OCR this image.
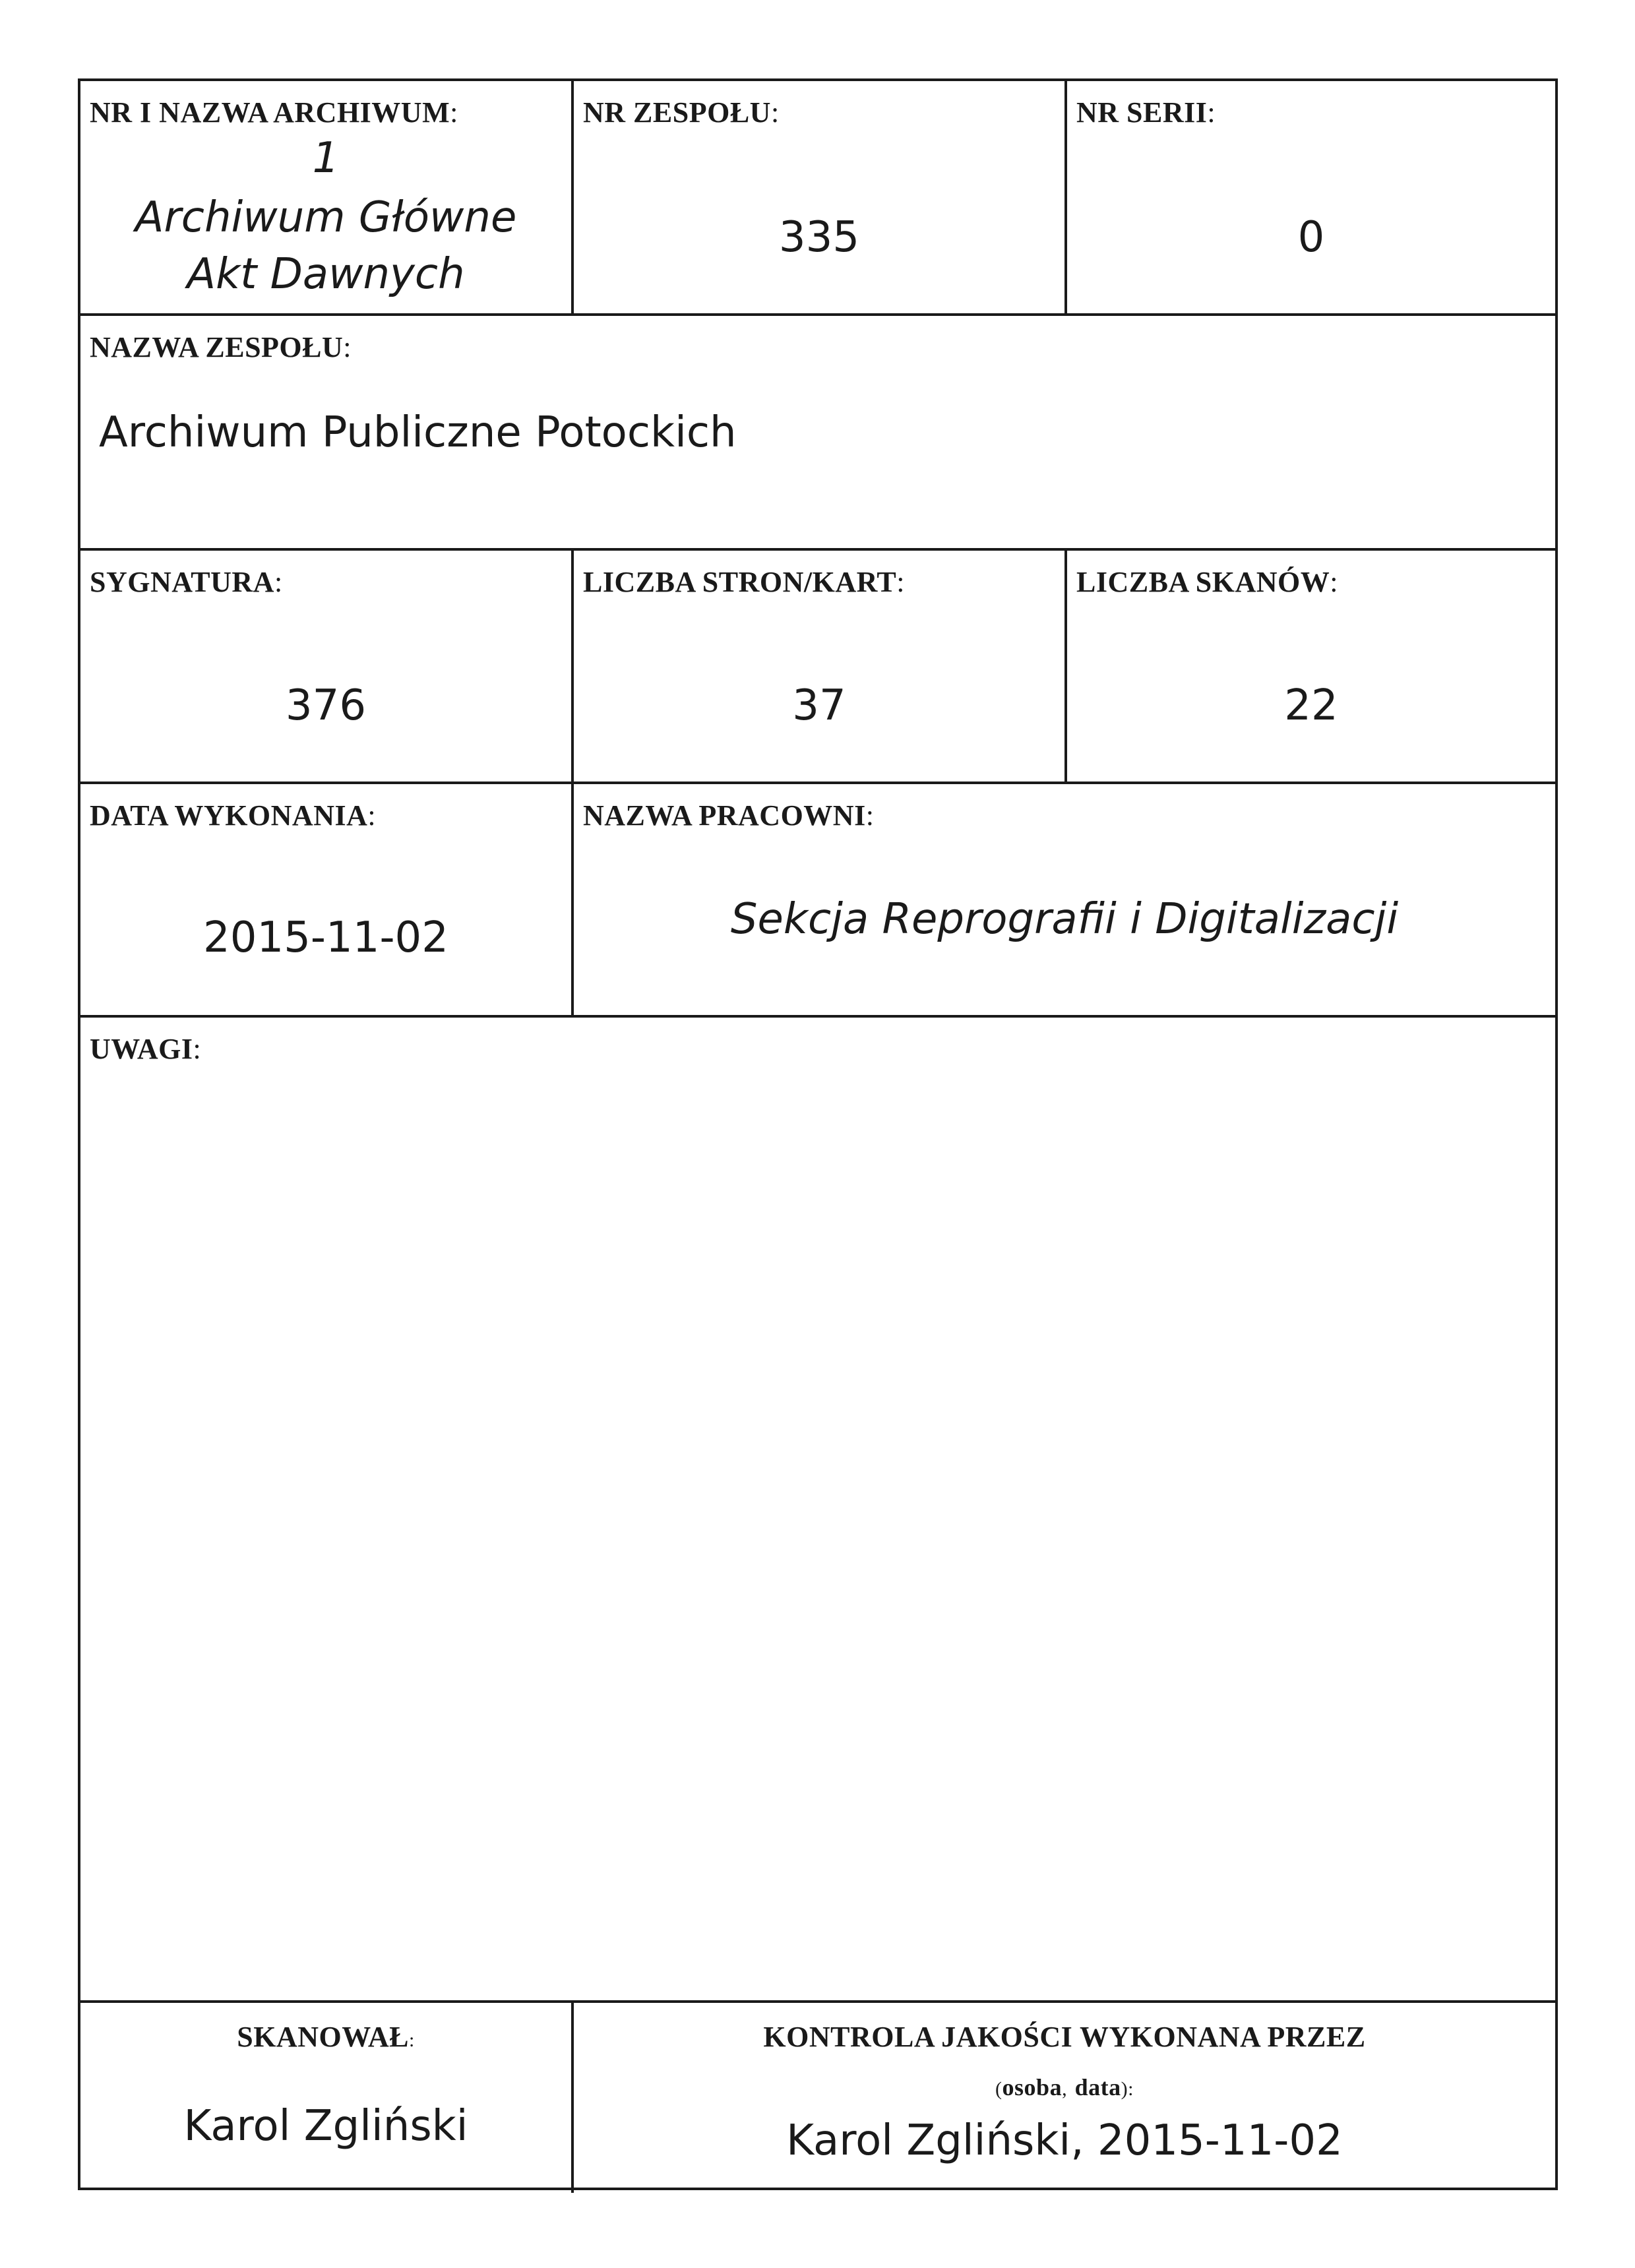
NR I NAZWA ARCHIWUM:
1
Archiwum Główne
Akt Dawnych
NR ZESPOŁU:
335
NR SERII:
0
NAZWA ZESPOŁU:
Archiwum Publiczne Potockich
SYGNATURA:
376
LICZBA STRON/KART:
37
LICZBA SKANÓW:
22
DATA WYKONANIA:
2015-11-02
NAZWA PRACOWNI:
Sekcja Reprografii i Digitalizacji
UWAGI:
SKANOWAŁ:
Karol Zgliński
KONTROLA JAKOŚCI WYKONANA PRZEZ
(osoba, data):
Karol Zgliński, 2015-11-02
